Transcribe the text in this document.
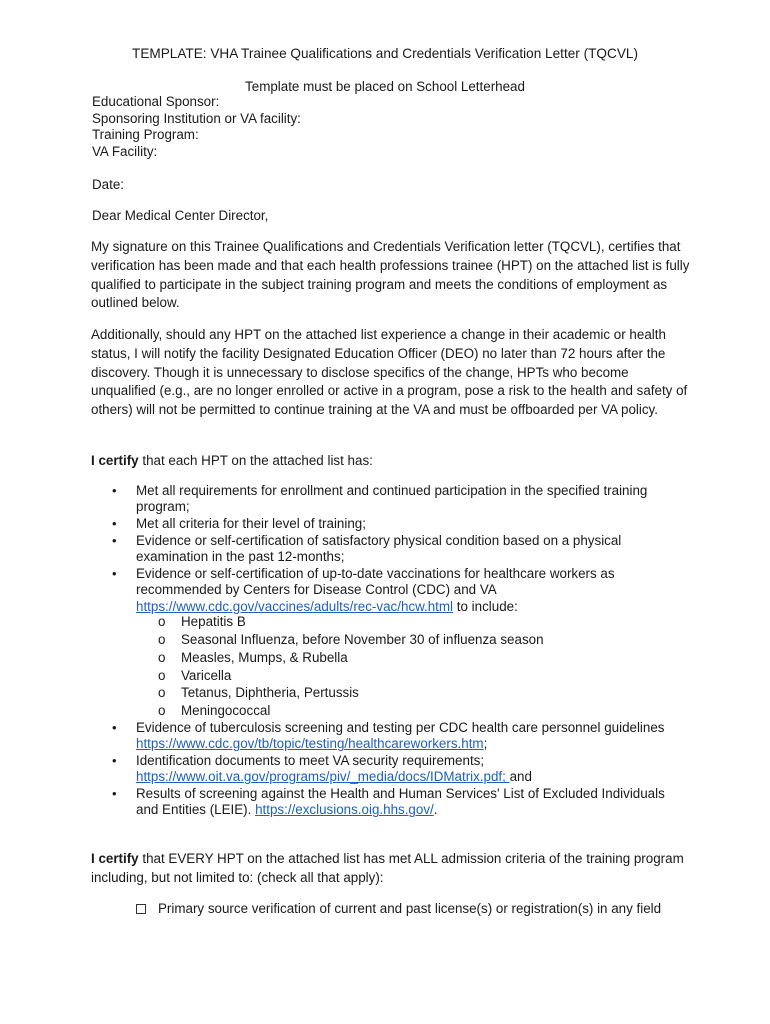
TEMPLATE: VHA Trainee Qualifications and Credentials Verification Letter (TQCVL)
Template must be placed on School Letterhead
Educational Sponsor:
Sponsoring Institution or VA facility:
Training Program:
VA Facility:
Date:
Dear Medical Center Director,

My signature on this Trainee Qualifications and Credentials Verification letter (TQCVL), certifies that verification has been made and that each health professions trainee (HPT) on the attached list is fully qualified to participate in the subject training program and meets the conditions of employment as outlined below.

Additionally, should any HPT on the attached list experience a change in their academic or health status, I will notify the facility Designated Education Officer (DEO) no later than 72 hours after the discovery. Though it is unnecessary to disclose specifics of the change, HPTs who become unqualified (e.g., are no longer enrolled or active in a program, pose a risk to the health and safety of others) will not be permitted to continue training at the VA and must be offboarded per VA policy.

I certify that each HPT on the attached list has:

• Met all requirements for enrollment and continued participation in the specified training program;
• Met all criteria for their level of training;
• Evidence or self-certification of satisfactory physical condition based on a physical examination in the past 12-months;
• Evidence or self-certification of up-to-date vaccinations for healthcare workers as recommended by Centers for Disease Control (CDC) and VA
https://www.cdc.gov/vaccines/adults/rec-vac/hcw.html to include:
o Hepatitis B
o Seasonal Influenza, before November 30 of influenza season
o Measles, Mumps, & Rubella
o Varicella
o Tetanus, Diphtheria, Pertussis
o Meningococcal
• Evidence of tuberculosis screening and testing per CDC health care personnel guidelines https://www.cdc.gov/tb/topic/testing/healthcareworkers.htm;
• Identification documents to meet VA security requirements;
https://www.oit.va.gov/programs/piv/_media/docs/IDMatrix.pdf; and
• Results of screening against the Health and Human Services' List of Excluded Individuals and Entities (LEIE). https://exclusions.oig.hhs.gov/.

I certify that EVERY HPT on the attached list has met ALL admission criteria of the training program including, but not limited to: (check all that apply):

Primary source verification of current and past license(s) or registration(s) in any field
